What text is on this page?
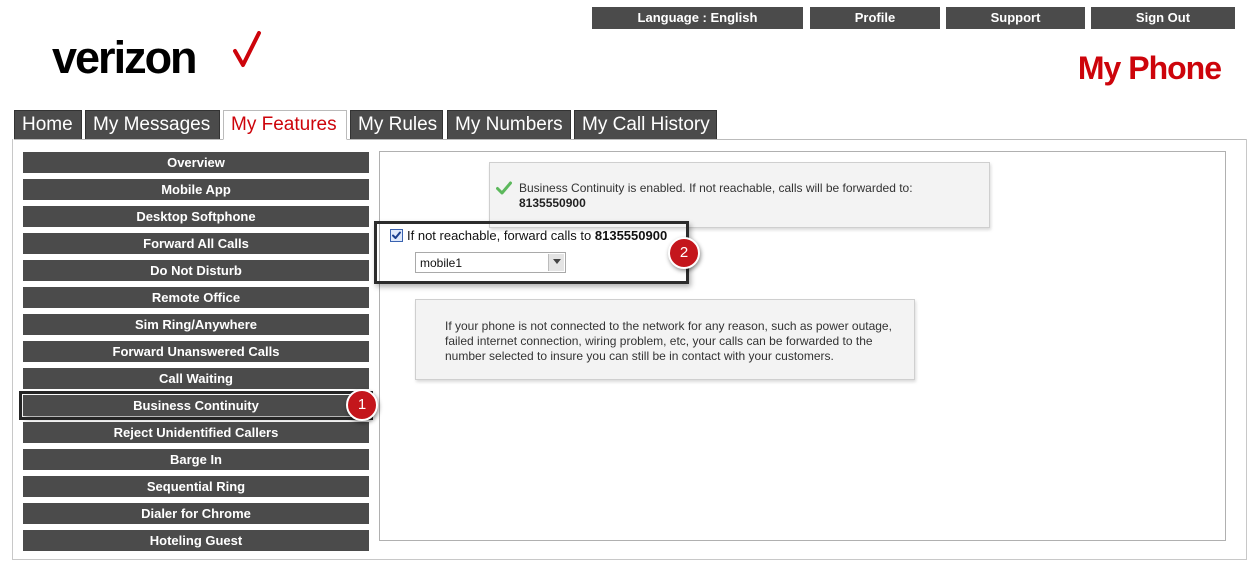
Language : English	Profile	Support	Sign Out
verizon	My Phone
Home	My Messages	My Features	My Rules My Numbers	My Call History
Overview
Mobile App
Desktop Softphone
Forward All Calls
Do Not Disturb
Remote Office
Sim Ring/Anywhere
Forward Unanswered Calls
Call Waiting
Business Continuity
Reject Unidentified Callers
Barge In
Sequential Ring
Dialer for Chrome
Hoteling Guest
Business Continuity is enabled. If not reachable, calls will be forwarded to:
8135550900
If not reachable, forward calls to 8135550900
mobile1
If your phone is not connected to the network for any reason, such as power outage, failed internet connection, wiring problem, etc, your calls can be forwarded to the number selected to insure you can still be in contact with your customers.
1
2
